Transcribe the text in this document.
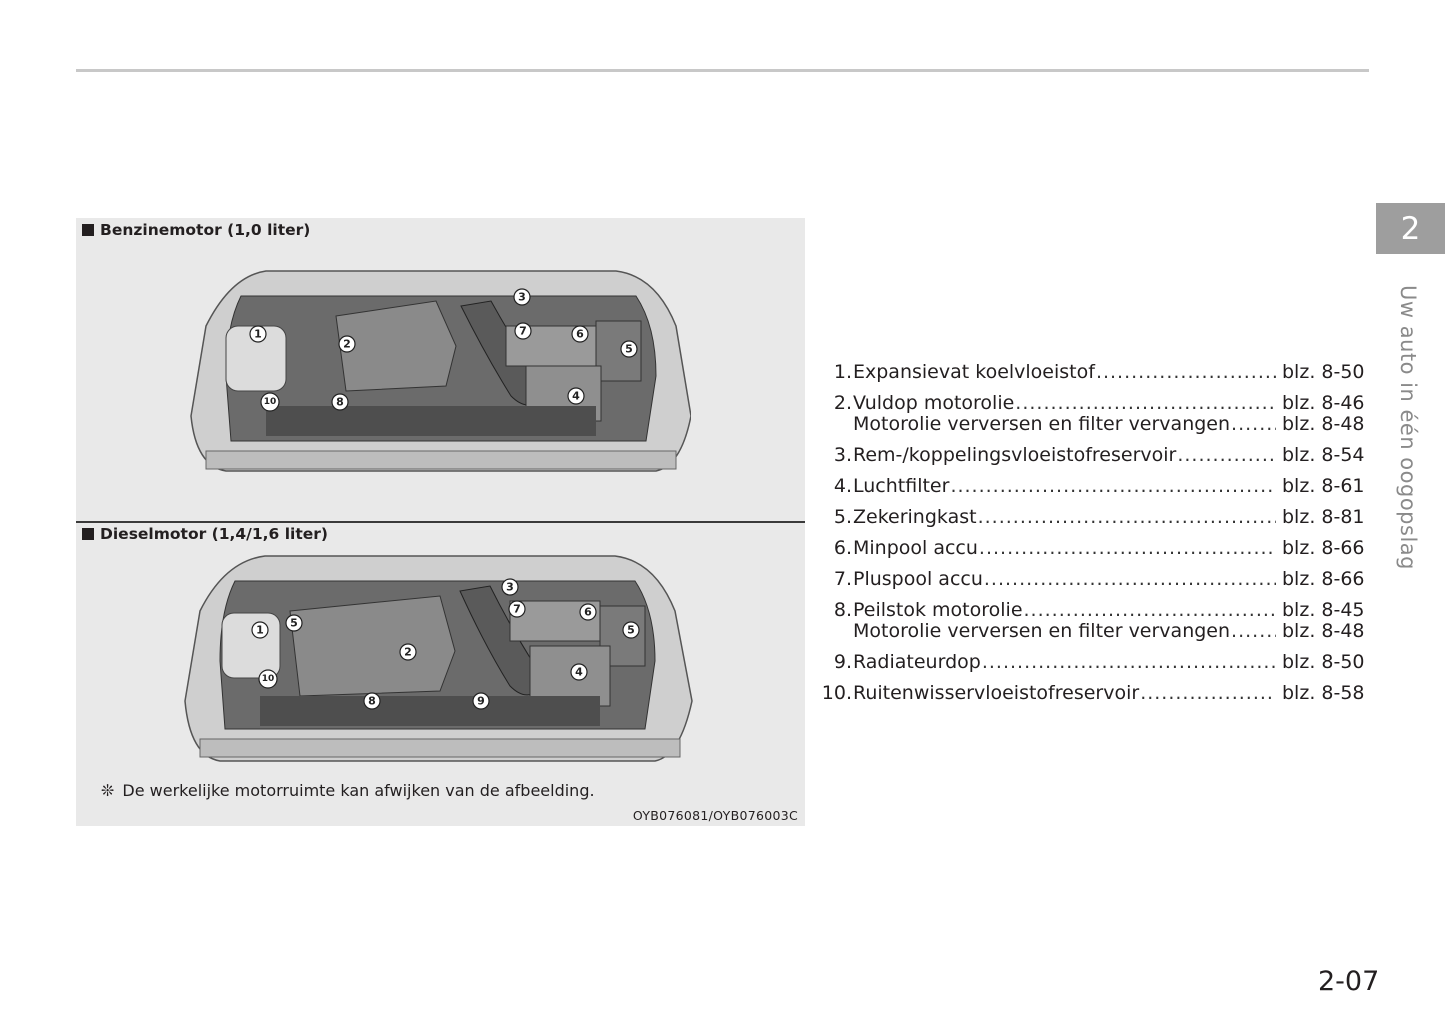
Benzinemotor (1,0 liter)
1
2
3
4
5
6
7
8
10
Dieselmotor (1,4/1,6 liter)
1
5
2
3
7	6
5
4
10
8	9
❊ De werkelijke motorruimte kan afwijken van de afbeelding.
OYB076081/OYB076003C
1. Expansievat koelvloeistof .....	blz. 8-50
2. Vuldop motorolie .....	blz. 8-46
Motorolie verversen en filter vervangen .....	blz. 8-48
3. Rem-/koppelingsvloeistofreservoir .....	blz. 8-54
4. Luchtfilter .....	blz. 8-61
5. Zekeringkast .....	blz. 8-81
6. Minpool accu .....	blz. 8-66
7. Pluspool accu .....	blz. 8-66
8. Peilstok motorolie .....	blz. 8-45
Motorolie verversen en filter vervangen .....	blz. 8-48
9. Radiateurdop .....	blz. 8-50
10. Ruitenwisservloeistofreservoir .....	blz. 8-58
2
Uw auto in één oogopslag
2-07
